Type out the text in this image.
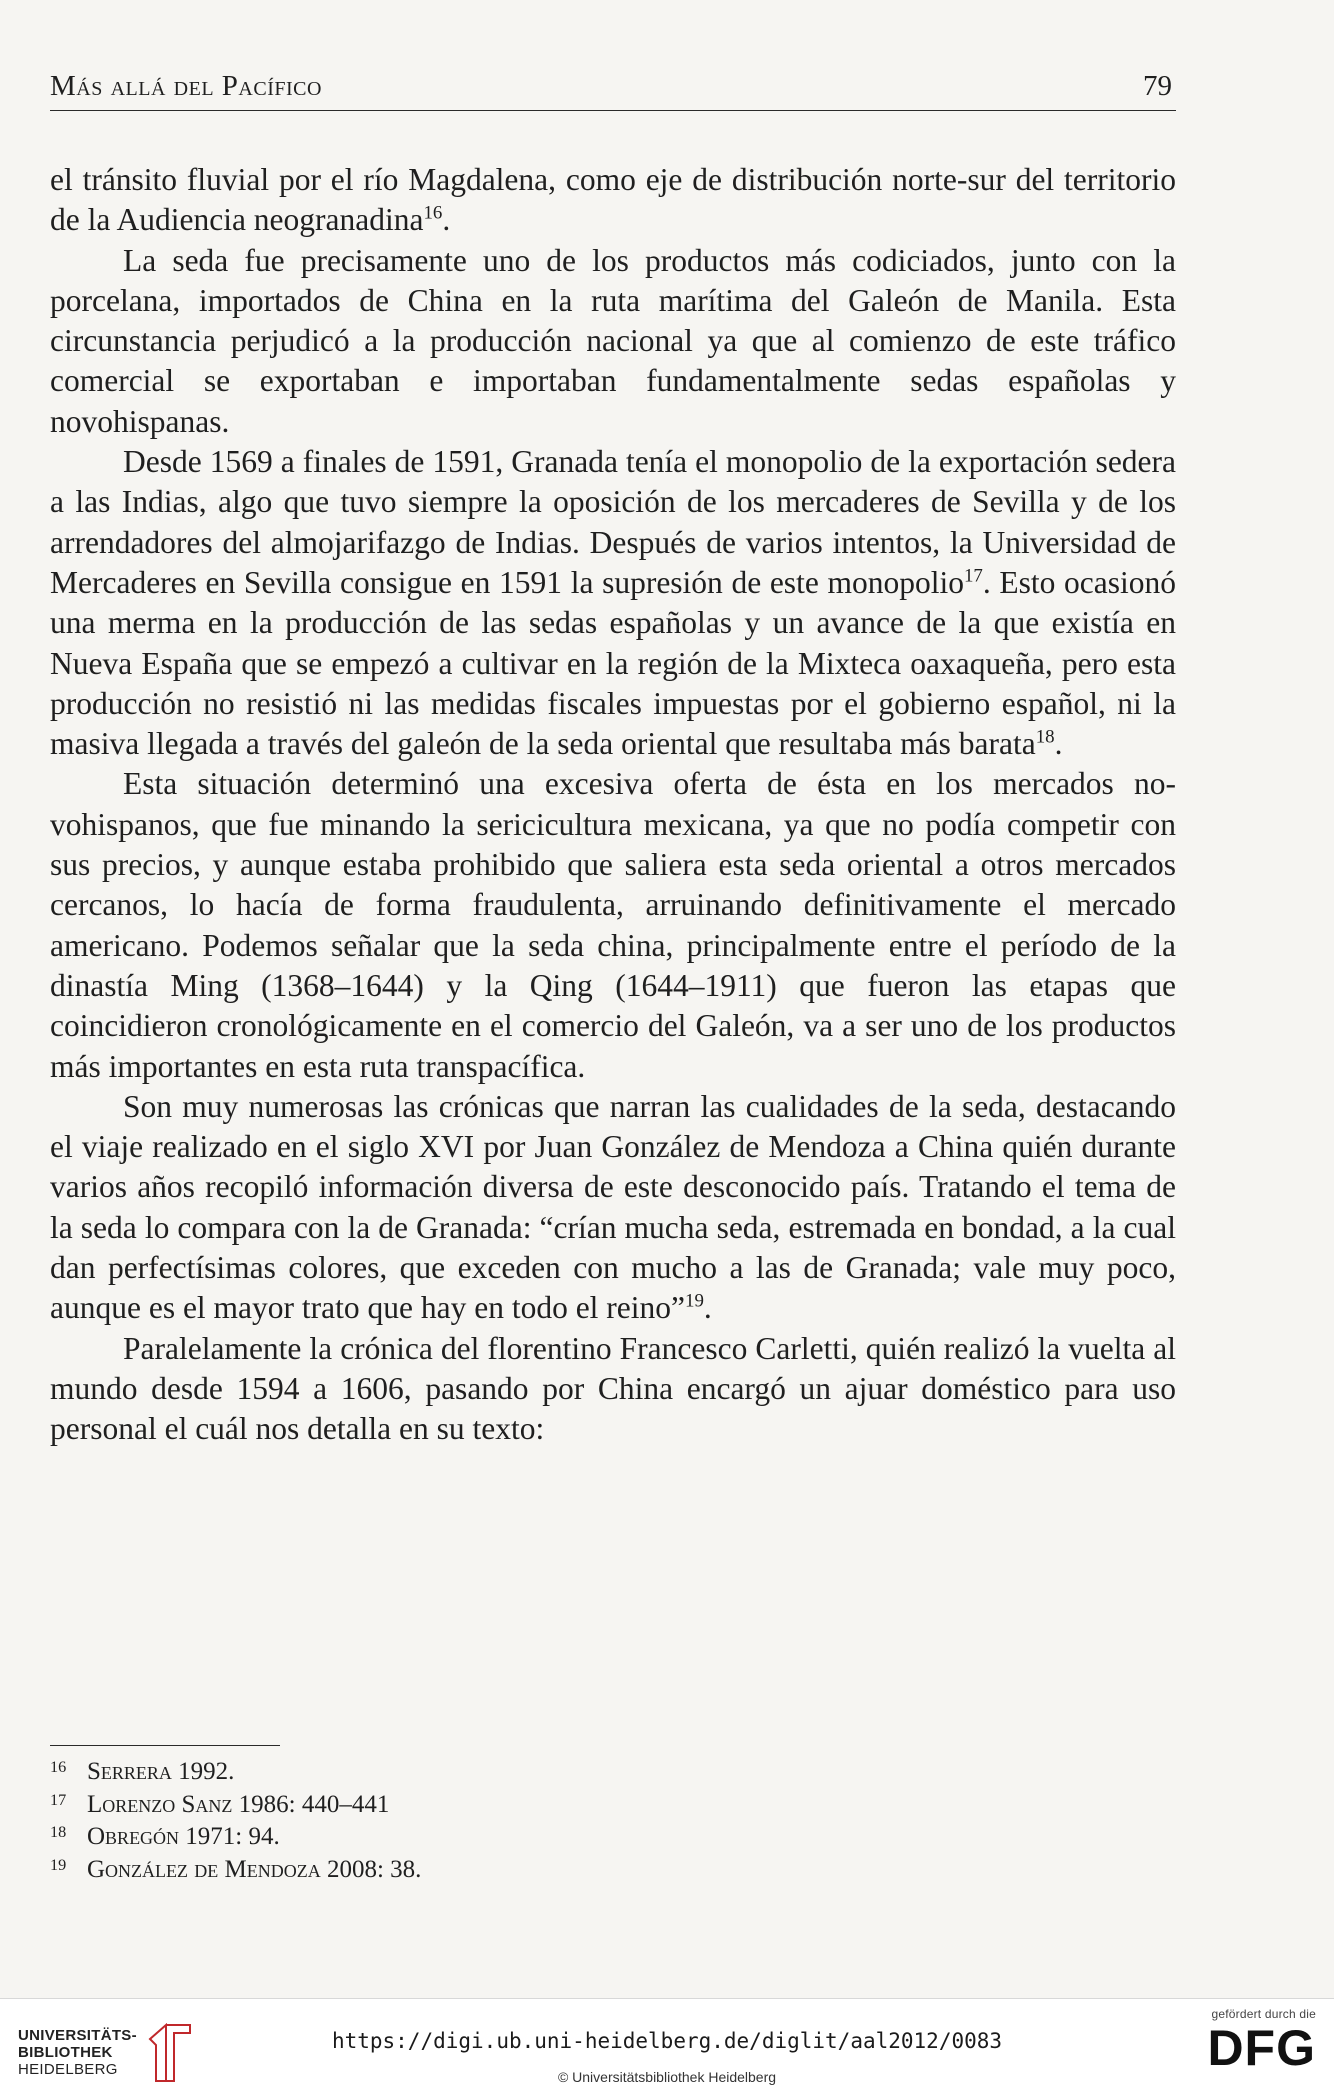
Más allá del Pacífico	79

el tránsito fluvial por el río Magdalena, como eje de distribución norte-sur del territorio de la Audiencia neogranadina$^{16}$.

La seda fue precisamente uno de los productos más codiciados, junto con la porcelana, importados de China en la ruta marítima del Galeón de Manila. Esta circunstancia perjudicó a la producción nacional ya que al comienzo de este tráfico comercial se exportaban e importaban fundamentalmente sedas españolas y novohispanas.

Desde 1569 a finales de 1591, Granada tenía el monopolio de la exportación sedera a las Indias, algo que tuvo siempre la oposición de los mercaderes de Sevilla y de los arrendadores del almojarifazgo de Indias. Después de varios intentos, la Universidad de Mercaderes en Sevilla consigue en 1591 la supresión de este monopolio$^{17}$. Esto ocasionó una merma en la producción de las sedas españolas y un avance de la que existía en Nueva España que se empezó a cultivar en la región de la Mixteca oaxaqueña, pero esta producción no resistió ni las medidas fiscales impuestas por el gobierno español, ni la masiva llegada a través del galeón de la seda oriental que resultaba más barata$^{18}$.

Esta situación determinó una excesiva oferta de ésta en los mercados novohispanos, que fue minando la sericicultura mexicana, ya que no podía competir con sus precios, y aunque estaba prohibido que saliera esta seda oriental a otros mercados cercanos, lo hacía de forma fraudulenta, arruinando definitivamente el mercado americano. Podemos señalar que la seda china, principalmente entre el período de la dinastía Ming (1368–1644) y la Qing (1644–1911) que fueron las etapas que coincidieron cronológicamente en el comercio del Galeón, va a ser uno de los productos más importantes en esta ruta transpacífica.

Son muy numerosas las crónicas que narran las cualidades de la seda, destacando el viaje realizado en el siglo XVI por Juan González de Mendoza a China quién durante varios años recopiló información diversa de este desconocido país. Tratando el tema de la seda lo compara con la de Granada: “crían mucha seda, estremada en bondad, a la cual dan perfectísimas colores, que exceden con mucho a las de Granada; vale muy poco, aunque es el mayor trato que hay en todo el reino”$^{19}$.

Paralelamente la crónica del florentino Francesco Carletti, quién realizó la vuelta al mundo desde 1594 a 1606, pasando por China encargó un ajuar doméstico para uso personal el cuál nos detalla en su texto:

16 Serrera 1992.
17 Lorenzo Sanz 1986: 440–441
18 Obregón 1971: 94.
19 González de Mendoza 2008: 38.
UNIVERSITÄTS-
BIBLIOTHEK
HEIDELBERG
https://digi.ub.uni-heidelberg.de/diglit/aal2012/0083
© Universitätsbibliothek Heidelberg
gefördert durch die
DFG
